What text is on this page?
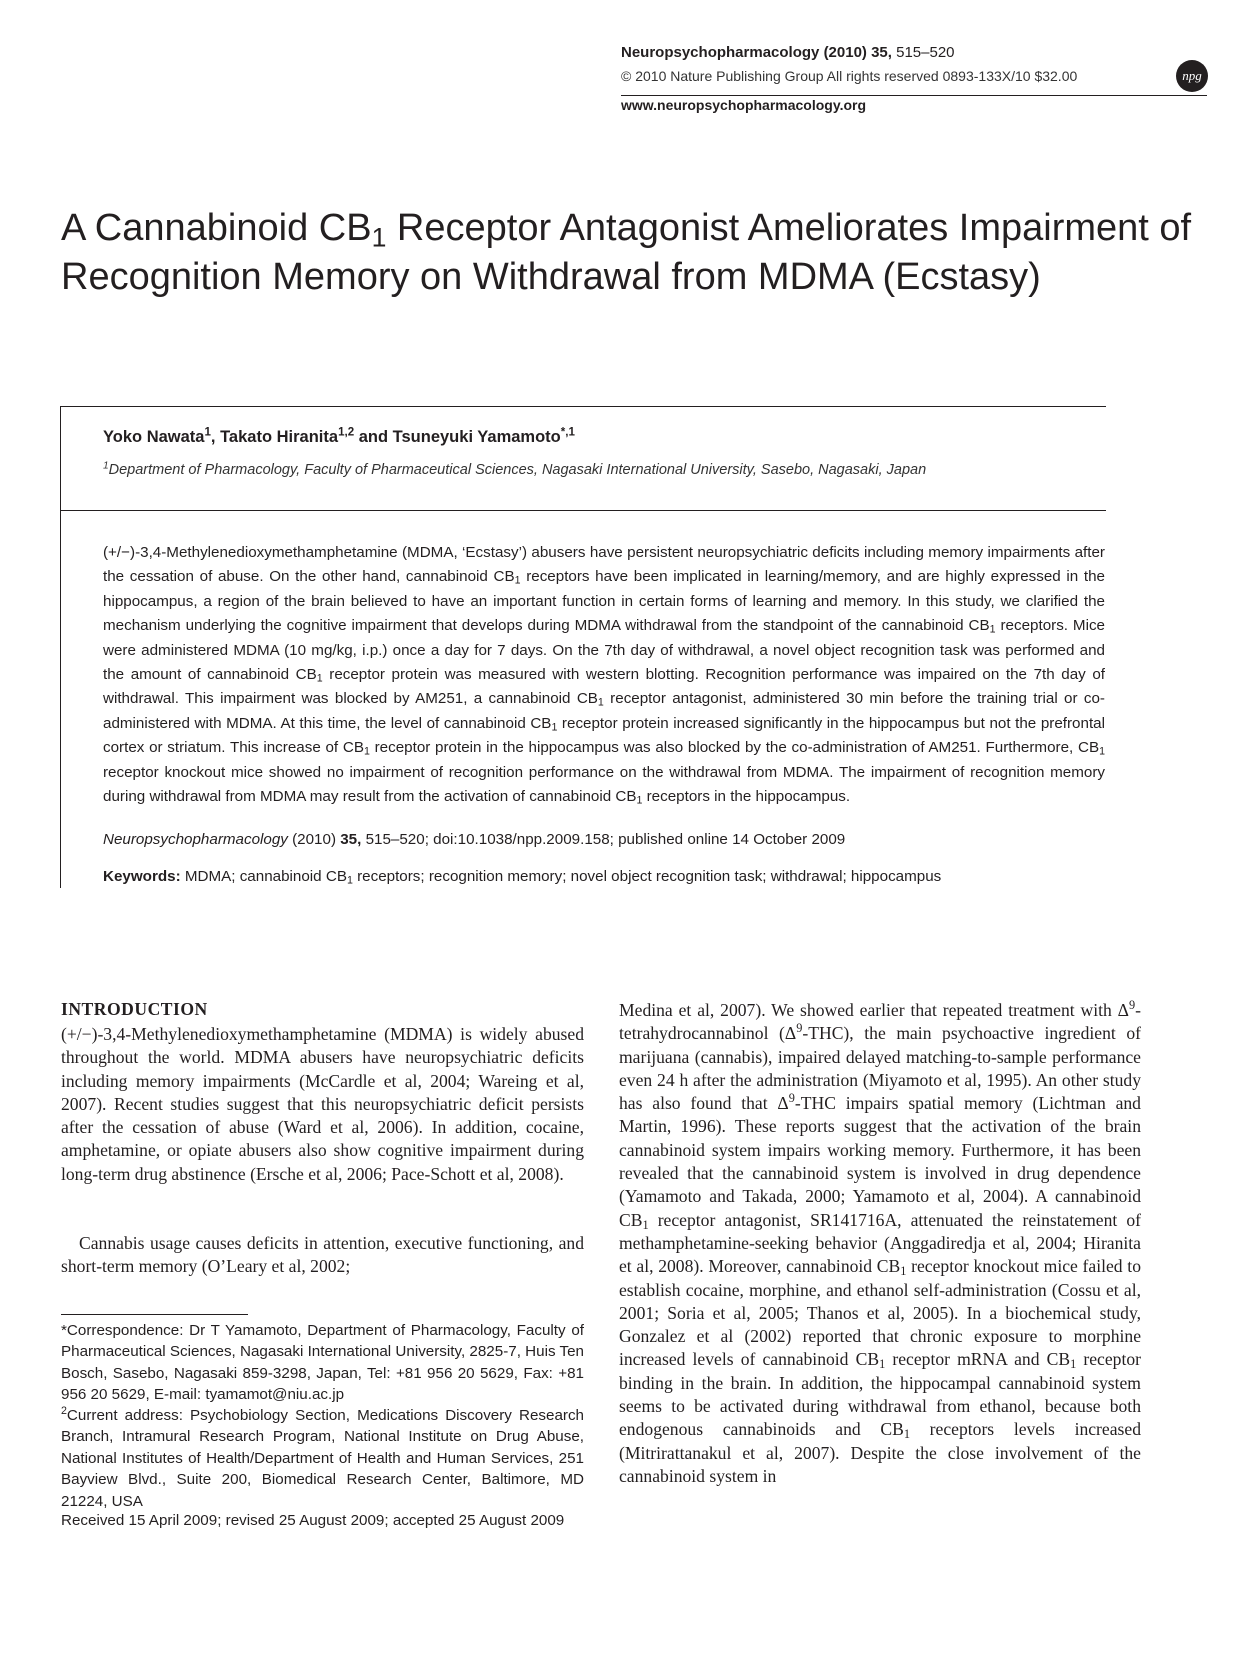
Neuropsychopharmacology (2010) 35, 515–520
© 2010 Nature Publishing Group All rights reserved 0893-133X/10 $32.00
www.neuropsychopharmacology.org
npg
A Cannabinoid $CB_1$ Receptor Antagonist Ameliorates Impairment of Recognition Memory on Withdrawal from MDMA (Ecstasy)
Yoko Nawata$^1$, Takato Hiranita$^{1,2}$ and Tsuneyuki Yamamoto$^{*,1}$
$^1$Department of Pharmacology, Faculty of Pharmaceutical Sciences, Nagasaki International University, Sasebo, Nagasaki, Japan

(+/−)-3,4-Methylenedioxymethamphetamine (MDMA, ‘Ecstasy’) abusers have persistent neuropsychiatric deficits including memory impairments after the cessation of abuse. On the other hand, cannabinoid $CB_1$ receptors have been implicated in learning/memory, and are highly expressed in the hippocampus, a region of the brain believed to have an important function in certain forms of learning and memory. In this study, we clarified the mechanism underlying the cognitive impairment that develops during MDMA withdrawal from the standpoint of the cannabinoid $CB_1$ receptors. Mice were administered MDMA (10 mg/kg, i.p.) once a day for 7 days. On the 7th day of withdrawal, a novel object recognition task was performed and the amount of cannabinoid $CB_1$ receptor protein was measured with western blotting. Recognition performance was impaired on the 7th day of withdrawal. This impairment was blocked by AM251, a cannabinoid $CB_1$ receptor antagonist, administered 30 min before the training trial or co-administered with MDMA. At this time, the level of cannabinoid $CB_1$ receptor protein increased significantly in the hippocampus but not the prefrontal cortex or striatum. This increase of $CB_1$ receptor protein in the hippocampus was also blocked by the co-administration of AM251. Furthermore, $CB_1$ receptor knockout mice showed no impairment of recognition performance on the withdrawal from MDMA. The impairment of recognition memory during withdrawal from MDMA may result from the activation of cannabinoid $CB_1$ receptors in the hippocampus.

Neuropsychopharmacology (2010) 35, 515–520; doi:10.1038/npp.2009.158; published online 14 October 2009
Keywords: MDMA; cannabinoid $CB_1$ receptors; recognition memory; novel object recognition task; withdrawal; hippocampus
INTRODUCTION

(+/−)-3,4-Methylenedioxymethamphetamine (MDMA) is widely abused throughout the world. MDMA abusers have neuropsychiatric deficits including memory impairments (McCardle et al, 2004; Wareing et al, 2007). Recent studies suggest that this neuropsychiatric deficit persists after the cessation of abuse (Ward et al, 2006). In addition, cocaine, amphetamine, or opiate abusers also show cognitive impairment during long-term drug abstinence (Ersche et al, 2006; Pace-Schott et al, 2008).

Cannabis usage causes deficits in attention, executive functioning, and short-term memory (O’Leary et al, 2002;

*Correspondence: Dr T Yamamoto, Department of Pharmacology, Faculty of Pharmaceutical Sciences, Nagasaki International University, 2825-7, Huis Ten Bosch, Sasebo, Nagasaki 859-3298, Japan, Tel: +81 956 20 5629, Fax: +81 956 20 5629, E-mail: tyamamot@niu.ac.jp

$^2$Current address: Psychobiology Section, Medications Discovery Research Branch, Intramural Research Program, National Institute on Drug Abuse, National Institutes of Health/Department of Health and Human Services, 251 Bayview Blvd., Suite 200, Biomedical Research Center, Baltimore, MD 21224, USA

Received 15 April 2009; revised 25 August 2009; accepted 25 August 2009

Medina et al, 2007). We showed earlier that repeated treatment with $\Delta^9$-tetrahydrocannabinol $(\Delta^9-THC)$, the main psychoactive ingredient of marijuana (cannabis), impaired delayed matching-to-sample performance even 24 h after the administration (Miyamoto et al, 1995). An other study has also found that $\Delta^9$-THC impairs spatial memory (Lichtman and Martin, 1996). These reports suggest that the activation of the brain cannabinoid system impairs working memory. Furthermore, it has been revealed that the cannabinoid system is involved in drug dependence (Yamamoto and Takada, 2000; Yamamoto et al, 2004). A cannabinoid $CB_1$ receptor antagonist, SR141716A, attenuated the reinstatement of methamphetamine-seeking behavior (Anggadiredja et al, 2004; Hiranita et al, 2008). Moreover, cannabinoid $CB_1$ receptor knockout mice failed to establish cocaine, morphine, and ethanol self-administration (Cossu et al, 2001; Soria et al, 2005; Thanos et al, 2005). In a biochemical study, Gonzalez et al (2002) reported that chronic exposure to morphine increased levels of cannabinoid $CB_1$ receptor mRNA and $CB_1$ receptor binding in the brain. In addition, the hippocampal cannabinoid system seems to be activated during withdrawal from ethanol, because both endogenous cannabinoids and $CB_1$ receptors levels increased (Mitrirattanakul et al, 2007). Despite the close involvement of the cannabinoid system in
